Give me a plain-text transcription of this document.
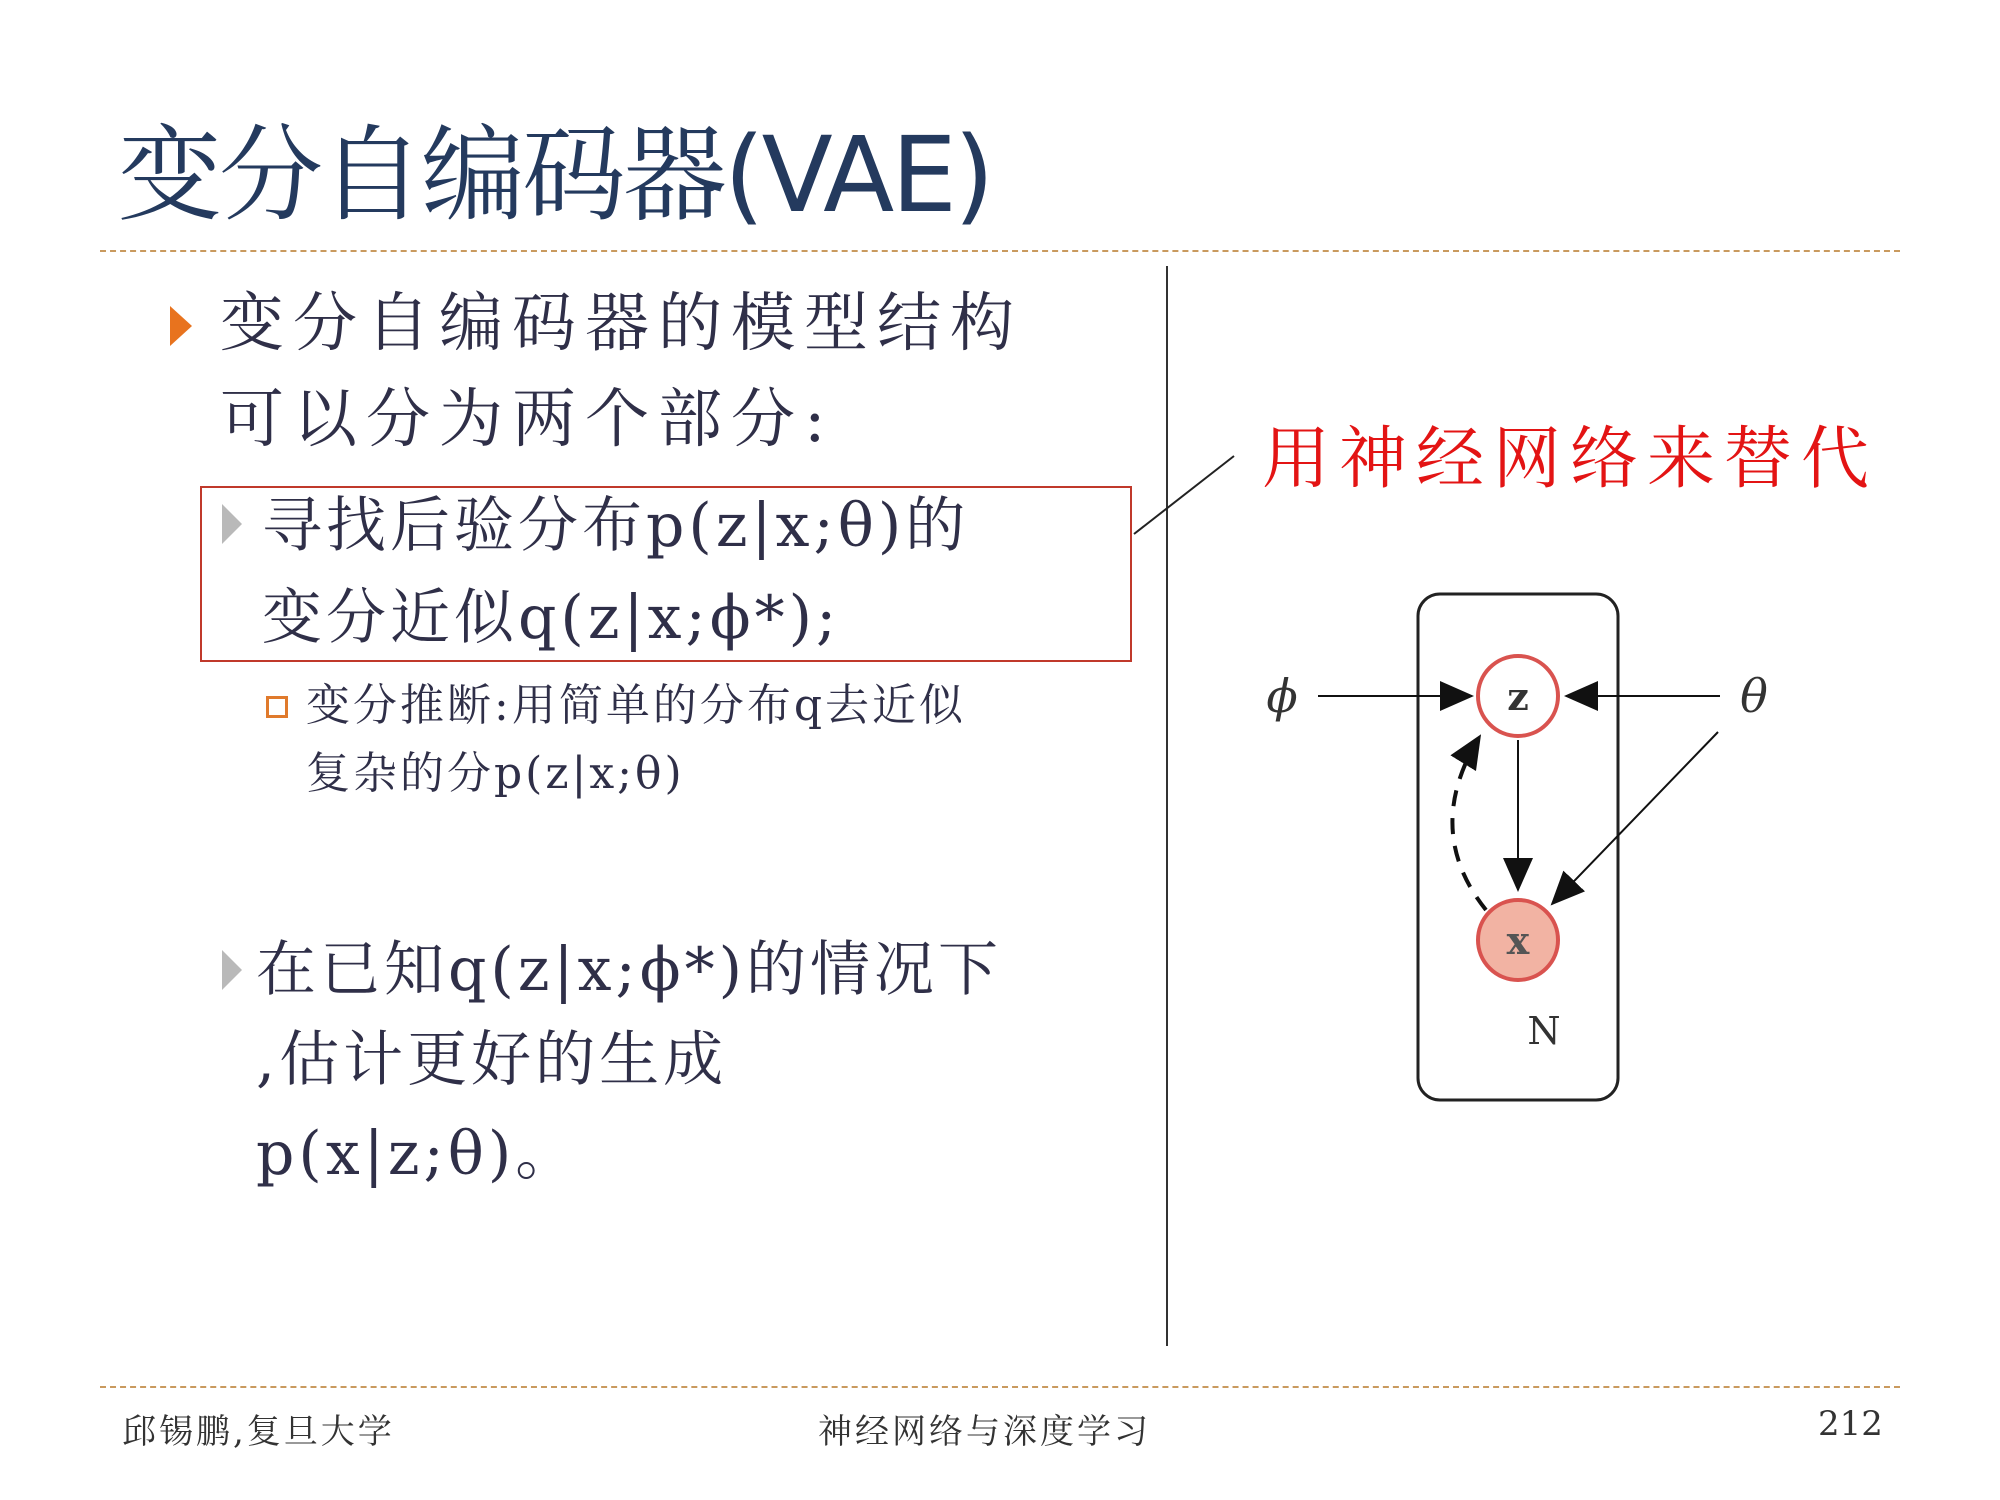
变分自编码器(VAE)
变分自编码器的模型结构
可以分为两个部分:
寻找后验分布p(z|x;θ)的
变分近似q(z|x;ϕ*);
变分推断:用简单的分布q去近似
复杂的分p(z|x;θ)
在已知q(z|x;ϕ*)的情况下
,估计更好的生成
p(x|z;θ)。
用神经网络来替代
z
x
ϕ	θ
N
邱锡鹏,复旦大学	神经网络与深度学习	212
